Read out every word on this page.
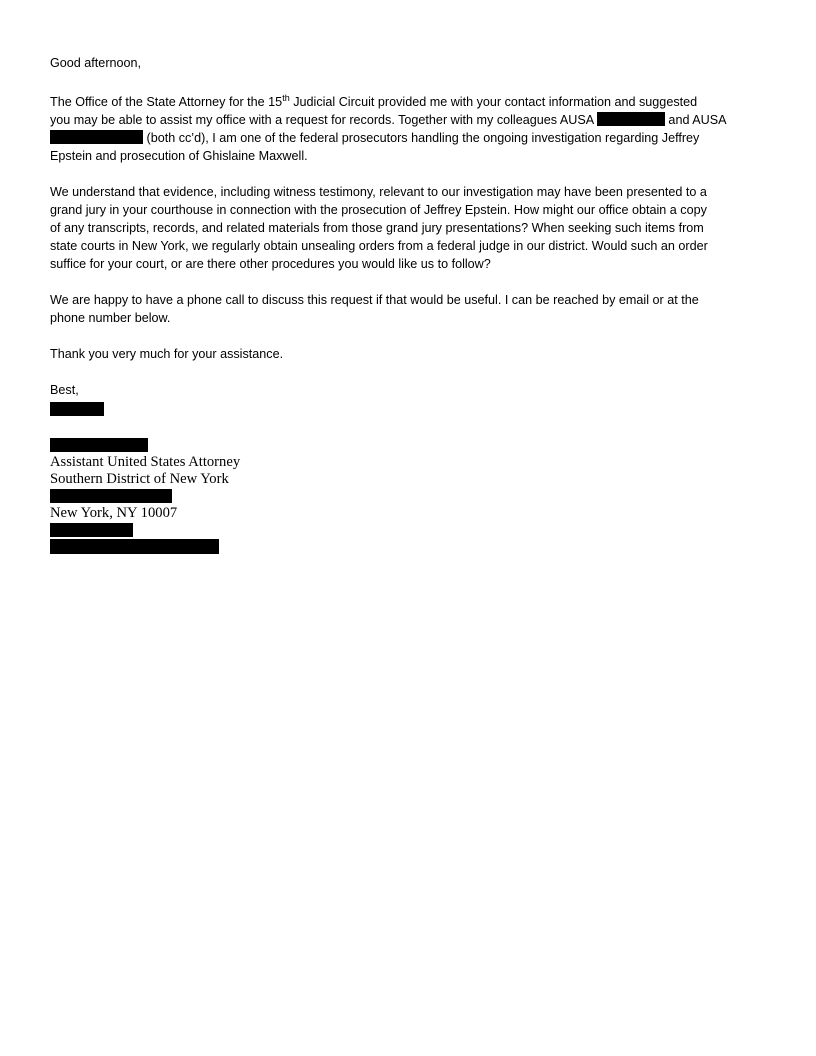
Good afternoon,
The Office of the State Attorney for the 15th Judicial Circuit provided me with your contact information and suggested
you may be able to assist my office with a request for records. Together with my colleagues AUSA	and AUSA
(both cc’d), I am one of the federal prosecutors handling the ongoing investigation regarding Jeffrey
Epstein and prosecution of Ghislaine Maxwell.
We understand that evidence, including witness testimony, relevant to our investigation may have been presented to a
grand jury in your courthouse in connection with the prosecution of Jeffrey Epstein. How might our office obtain a copy
of any transcripts, records, and related materials from those grand jury presentations? When seeking such items from
state courts in New York, we regularly obtain unsealing orders from a federal judge in our district. Would such an order
suffice for your court, or are there other procedures you would like us to follow?
We are happy to have a phone call to discuss this request if that would be useful. I can be reached by email or at the
phone number below.
Thank you very much for your assistance.
Best,
Assistant United States Attorney
Southern District of New York
New York, NY 10007
